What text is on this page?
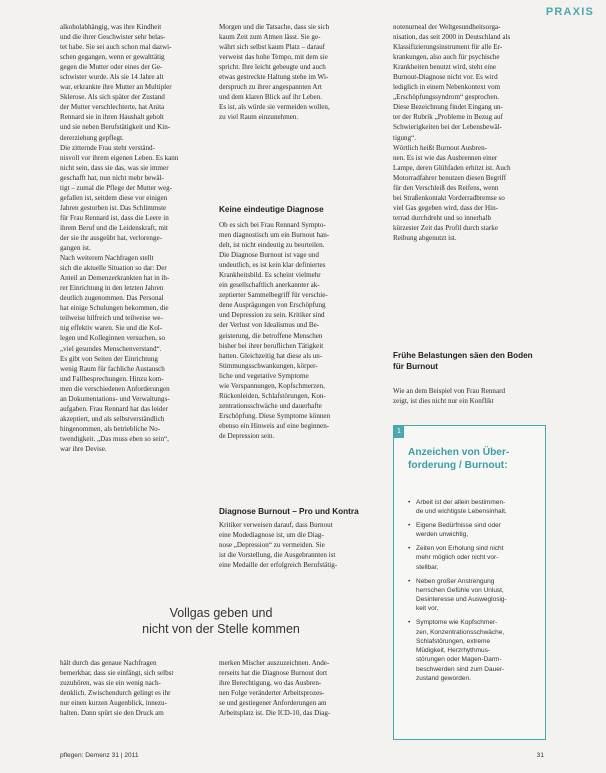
PRAXIS
alkoholabhängig, was ihre Kindheit
und die ihrer Geschwister sehr belas-
tet habe. Sie sei auch schon mal dazwi-
schen gegangen, wenn er gewalttätig
gegen die Mutter oder eines der Ge-
schwister wurde. Als sie 14 Jahre alt
war, erkrankte ihre Mutter an Multipler
Sklerose. Als sich später der Zustand
der Mutter verschlechterte, hat Anita
Rennard sie in ihren Haushalt geholt
und sie neben Berufstätigkeit und Kin-
dererziehung gepflegt.
Die zitternde Frau steht verständ-
nisvoll vor ihrem eigenen Leben. Es kann
nicht sein, dass sie das, was sie immer
geschafft hat, nun nicht mehr bewäl-
tigt – zumal die Pflege der Mutter weg-
gefallen ist, seitdem diese vor einigen
Jahren gestorben ist. Das Schlimmste
für Frau Rennard ist, dass die Leere in
ihrem Beruf und die Leidenskraft, mit
der sie ihr ausgeübt hat, verlorenge-
gangen ist.
Nach weiterem Nachfragen stellt
sich die aktuelle Situation so dar: Der
Anteil an Demenzerkrankten hat in ih-
rer Einrichtung in den letzten Jahren
deutlich zugenommen. Das Personal
hat einige Schulungen bekommen, die
teilweise hilfreich und teilweise we-
nig effektiv waren. Sie und die Kol-
legen und Kolleginnen versuchen, so
„viel gesundes Menschenverstand“.
Es gibt von Seiten der Einrichtung
wenig Raum für fachliche Austausch
und Fallbesprechungen. Hinzu kom-
men die verschiedenen Anforderungen
an Dokumentations- und Verwaltungs-
aufgaben. Frau Rennard hat das leider
akzeptiert, und als selbstverständlich
hingenommen, als betriebliche No-
twendigkeit. „Das muss eben so sein“,
war ihre Devise.
Morgen und die Tatsache, dass sie sich
kaum Zeit zum Atmen lässt. Sie ge-
währt sich selbst kaum Platz – darauf
verweist das hohe Tempo, mit dem sie
spricht. Ihre leicht gebeugte und auch
etwas gestreckte Haltung stehe im Wi-
derspruch zu ihrer angespannten Art
und dem klaren Blick auf ihr Leben.
Es ist, als würde sie vermeiden wollen,
zu viel Raum einzunehmen.
Keine eindeutige Diagnose
Ob es sich bei Frau Rennard Sympto-
men diagnostisch um ein Burnout han-
delt, ist nicht eindeutig zu beurteilen.
Die Diagnose Burnout ist vage und
undeutlich, es ist kein klar definiertes
Krankheitsbild. Es scheint vielmehr
ein gesellschaftlich anerkannter ak-
zeptierter Sammelbegriff für verschie-
dene Ausprägungen von Erschöpfung
und Depression zu sein. Kritiker sind
der Verlust von Idealismus und Be-
geisterung, die betroffene Menschen
bisher bei ihrer beruflichen Tätigkeit
hatten. Gleichzeitig hat diese als un-
Stimmungsschwankungen, körper-
liche und vegetative Symptome
wie Verspannungen, Kopfschmerzen,
Rückenleiden, Schlafstörungen, Kon-
zentrationsschwäche und dauerhafte
Erschöpfung. Diese Symptome können
ebenso ein Hinweis auf eine beginnen-
de Depression sein.
Diagnose Burnout – Pro und Kontra
Kritiker verweisen darauf, dass Burnout
eine Modediagnose ist, um die Diag-
nose „Depression“ zu vermeiden. Sie
ist die Vorstellung, die Ausgebrannten ist
eine Medaille der erfolgreich Berufstätig-
notenurneal der Weltgesundheitsorga-
nisation, das seit 2000 in Deutschland als
Klassifizierungsinstrument für alle Er-
krankungen, also auch für psychische
Krankheiten benutzt wird, steht eine
Burnout-Diagnose nicht vor. Es wird
lediglich in einem Nebenkontext vom
„Erschöpfungssyndrom“ gesprochen.
Diese Bezeichnung findet Eingang un-
ter der Rubrik „Probleme in Bezug auf
Schwierigkeiten bei der Lebensbewäl-
tigung“.
Wörtlich heißt Burnout Ausbren-
nen. Es ist wie das Ausbrennen einer
Lampe, deren Glühfaden erhitzt ist. Auch
Motorradfahrer benutzen diesen Begriff
für den Verschleiß des Reifens, wenn
bei Straßenkontakt Vorderradbremse so
viel Gas gegeben wird, dass der Hin-
terrad durchdreht und so innerhalb
kürzester Zeit das Profil durch starke
Reibung abgenutzt ist.
Frühe Belastungen säen den Boden für Burnout
Wie an dem Beispiel von Frau Rennard
zeigt, ist dies nicht nur ein Konflikt
Vollgas geben und
nicht von der Stelle kommen
hält durch das genaue Nachfragen
bemerkbar, dass sie einfängt, sich selbst
zuzuhören, was sie ein wenig nach-
denklich. Zwischendurch gelingt es ihr
nur einen kurzen Augenblick, innezu-
halten. Dann spürt sie den Druck am
merken Mischer auszuzeichnen. Ande-
rerseits hat die Diagnose Burnout dort
ihre Berechtigung, wo das Ausbren-
nen Folge veränderter Arbeitsprozes-
se und gestiegener Anforderungen am
Arbeitsplatz ist. Die ICD-10, das Diag-
1
Anzeichen von Über-
forderung / Burnout:
• Arbeit ist der allein bestimmen-
de und wichtigste Lebensinhalt,
• Eigene Bedürfnisse sind oder
werden unwichtig,
• Zeiten von Erholung sind nicht
mehr möglich oder nicht vor-
stellbar,
• Neben großer Anstrengung
herrschen Gefühle von Unlust,
Desinteresse und Ausweglosig-
keit vor,
• Symptome wie Kopfschmer-
zen, Konzentrationsschwäche,
Schlafstörungen, extreme
Müdigkeit, Herzrhythmus-
störungen oder Magen-Darm-
beschwerden sind zum Dauer-
zustand geworden.
pflegen: Demenz 31 | 2011	31
